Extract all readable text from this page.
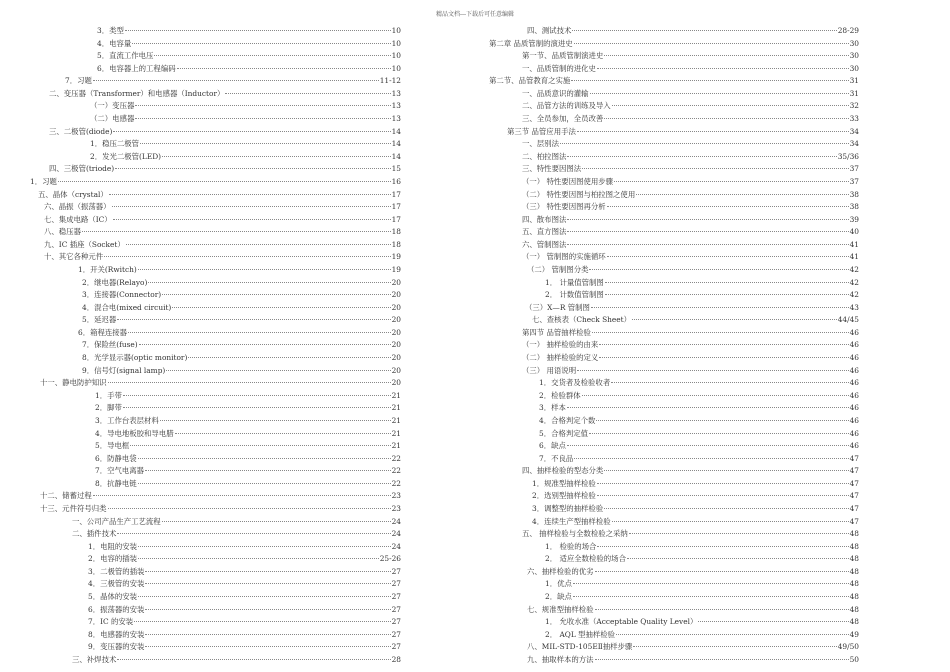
精品文档---下载后可任意编辑
3．类型	10
4．电容量	10
5．直流工作电压	10
6．电容器上的工程编码	10
7．习题	11-12
二、变压器（Transformer）和电感器（Inductor）	13
（一）变压器	13
（二）电感器	13
三、二极管(diode)	14
1．稳压二极管	14
2．发光二极管(LED)	14
四、三极管(triode)	15
1．习题	16
五、晶体（crystal）	17
六、晶振（振荡器）	17
七、集成电路（IC）	17
八、稳压器	18
九、IC 插座（Socket）	18
十、其它各种元件	19
1．开关(Rwitch)	19
2．继电器(Relayo)	20
3．连接器(Connector)	20
4．混合电(mixed circuit)	20
5．延迟器	20
6．箱程连接器	20
7．保险丝(fuse)	20
8．光学显示器(optic monitor)	20
9．信号灯(signal lamp)	20
十一、静电防护知识	20
1．手带	21
2．脚带	21
3．工作台表层材料	21
4．导电地板胶和导电腊	21
5．导电框	21
6．防静电袋	22
7．空气电离器	22
8．抗静电链	22
十二、储蓄过程	23
十三、元件符号归类	23
一、公司产品生产工艺流程	24
二、插件技术	24
1．电阻的安装	24
2．电容的插装	25-26
3．二极管的插装	27
4．三极管的安装	27
5．晶体的安装	27
6．振荡器的安装	27
7．IC 的安装	27
8．电感器的安装	27
9．变压器的安装	27
三、补焊技术	28
四、测试技术	28-29
第二章 品质管制的演进史	30
第一节、品质管制演进史	30
一、品质管制的进化史	30
第二节、品管教育之实施	31
一、品质意识的灌输	31
二、品管方法的训练及导入	32
三、全员参加，全员改善	33
第三节 品管应用手法	34
一、层别法	34
二、柏拉图法	35/36
三、特性要因图法	37
（一） 特性要因图使用步骤	37
（二） 特性要因图与柏拉图之使用	38
（三） 特性要因图再分析	38
四、散布图法	39
五、直方图法	40
六、管制图法	41
（一） 管制图的实施循环	41
（二） 管制图分类	42
1． 计量值管制图	42
2． 计数值管制图	42
（三）X—R 管制图	43
七、查核表（Check Sheet）	44/45
第四节 品管抽样检验	46
（一） 抽样检验的由来	46
（二） 抽样检验的定义	46
（三） 用语说明	46
1．交货者及检验收者	46
2．检验群体	46
3．样本	46
4．合格判定个数	46
5．合格判定值	46
6．缺点	46
7．不良品	47
四、抽样检验的型态分类	47
1．规准型抽样检验	47
2．选别型抽样检验	47
3．调整型的抽样检验	47
4．连续生产型抽样检验	47
五、 抽样检验与全数检验之采纳	48
1． 检验的场合	48
2． 适应全数检验的场合	48
六、抽样检验的优劣	48
1．优点	48
2．缺点	48
七、规准型抽样检验	48
1． 允收水准（Acceptable Quality Level）	48
2． AQL 型抽样检验	49
八、MIL-STD-105EⅡ抽样步骤	49/50
九、抽取样本的方法	50
